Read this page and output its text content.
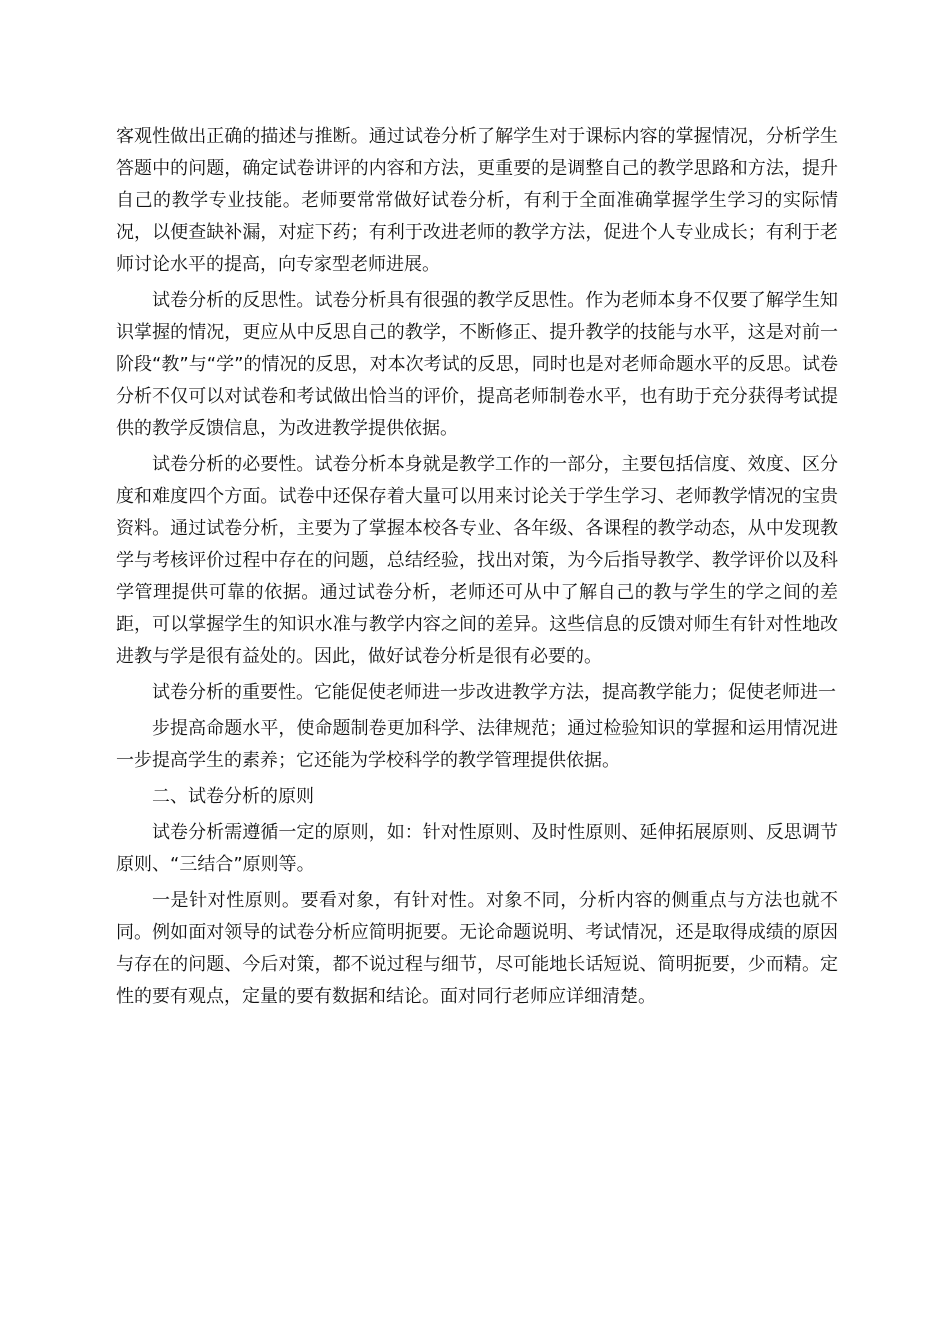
客观性做出正确的描述与推断。通过试卷分析了解学生对于课标内容的掌握情况，分析学生答题中的问题，确定试卷讲评的内容和方法，更重要的是调整自己的教学思路和方法，提升自己的教学专业技能。老师要常常做好试卷分析，有利于全面准确掌握学生学习的实际情况，以便查缺补漏，对症下药；有利于改进老师的教学方法，促进个人专业成长；有利于老师讨论水平的提高，向专家型老师进展。

试卷分析的反思性。试卷分析具有很强的教学反思性。作为老师本身不仅要了解学生知识掌握的情况，更应从中反思自己的教学，不断修正、提升教学的技能与水平，这是对前一阶段“教”与“学”的情况的反思，对本次考试的反思，同时也是对老师命题水平的反思。试卷分析不仅可以对试卷和考试做出恰当的评价，提高老师制卷水平，也有助于充分获得考试提供的教学反馈信息，为改进教学提供依据。

试卷分析的必要性。试卷分析本身就是教学工作的一部分，主要包括信度、效度、区分度和难度四个方面。试卷中还保存着大量可以用来讨论关于学生学习、老师教学情况的宝贵资料。通过试卷分析，主要为了掌握本校各专业、各年级、各课程的教学动态，从中发现教学与考核评价过程中存在的问题，总结经验，找出对策，为今后指导教学、教学评价以及科学管理提供可靠的依据。通过试卷分析，老师还可从中了解自己的教与学生的学之间的差距，可以掌握学生的知识水准与教学内容之间的差异。这些信息的反馈对师生有针对性地改进教与学是很有益处的。因此，做好试卷分析是很有必要的。

试卷分析的重要性。它能促使老师进一步改进教学方法，提高教学能力；促使老师进一

步提高命题水平，使命题制卷更加科学、法律规范；通过检验知识的掌握和运用情况进一步提高学生的素养；它还能为学校科学的教学管理提供依据。

二、试卷分析的原则

试卷分析需遵循一定的原则，如：针对性原则、及时性原则、延伸拓展原则、反思调节原则、“三结合”原则等。

一是针对性原则。要看对象，有针对性。对象不同，分析内容的侧重点与方法也就不同。例如面对领导的试卷分析应简明扼要。无论命题说明、考试情况，还是取得成绩的原因与存在的问题、今后对策，都不说过程与细节，尽可能地长话短说、简明扼要，少而精。定性的要有观点，定量的要有数据和结论。面对同行老师应详细清楚。
